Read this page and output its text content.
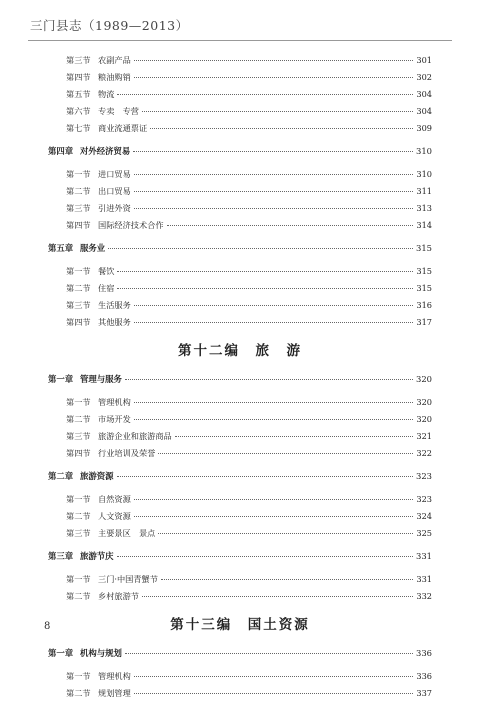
三门县志（1989—2013）
第三节 农副产品	301
第四节 粮油购销	302
第五节 物流	304
第六节 专卖　专营	304
第七节 商业流通票证	309
第四章 对外经济贸易	310
第一节 进口贸易	310
第二节 出口贸易	311
第三节 引进外资	313
第四节 国际经济技术合作	314
第五章 服务业	315
第一节 餐饮	315
第二节 住宿	315
第三节 生活服务	316
第四节 其他服务	317
第十二编　旅　游
第一章 管理与服务	320
第一节 管理机构	320
第二节 市场开发	320
第三节 旅游企业和旅游商品	321
第四节 行业培训及荣誉	322
第二章 旅游资源	323
第一节 自然资源	323
第二节 人文资源	324
第三节 主要景区　景点	325
第三章 旅游节庆	331
第一节 三门·中国青蟹节	331
第二节 乡村旅游节	332
第十三编　国土资源
第一章 机构与规划	336
第一节 管理机构	336
第二节 规划管理	337
8
